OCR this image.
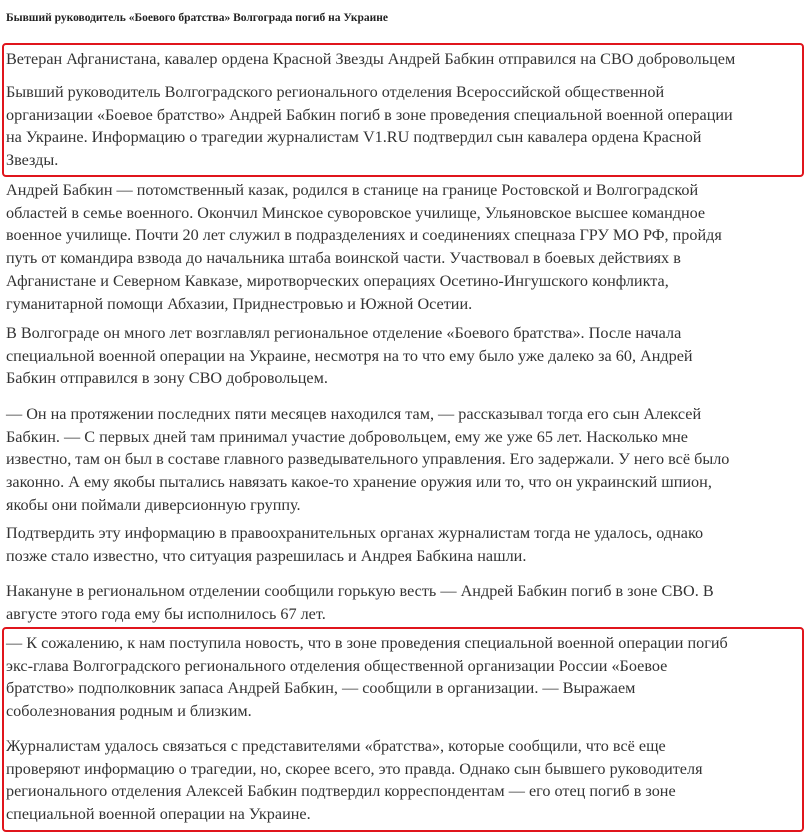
Бывший руководитель «Боевого братства» Волгограда погиб на Украине

Ветеран Афганистана, кавалер ордена Красной Звезды Андрей Бабкин отправился на СВО добровольцем

Бывший руководитель Волгоградского регионального отделения Всероссийской общественной
организации «Боевое братство» Андрей Бабкин погиб в зоне проведения специальной военной операции
на Украине. Информацию о трагедии журналистам V1.RU подтвердил сын кавалера ордена Красной
Звезды.

Андрей Бабкин — потомственный казак, родился в станице на границе Ростовской и Волгоградской
областей в семье военного. Окончил Минское суворовское училище, Ульяновское высшее командное
военное училище. Почти 20 лет служил в подразделениях и соединениях спецназа ГРУ МО РФ, пройдя
путь от командира взвода до начальника штаба воинской части. Участвовал в боевых действиях в
Афганистане и Северном Кавказе, миротворческих операциях Осетино-Ингушского конфликта,
гуманитарной помощи Абхазии, Приднестровью и Южной Осетии.

В Волгограде он много лет возглавлял региональное отделение «Боевого братства». После начала
специальной военной операции на Украине, несмотря на то что ему было уже далеко за 60, Андрей
Бабкин отправился в зону СВО добровольцем.

— Он на протяжении последних пяти месяцев находился там, — рассказывал тогда его сын Алексей
Бабкин. — С первых дней там принимал участие добровольцем, ему же уже 65 лет. Насколько мне
известно, там он был в составе главного разведывательного управления. Его задержали. У него всё было
законно. А ему якобы пытались навязать какое-то хранение оружия или то, что он украинский шпион,
якобы они поймали диверсионную группу.

Подтвердить эту информацию в правоохранительных органах журналистам тогда не удалось, однако
позже стало известно, что ситуация разрешилась и Андрея Бабкина нашли.

Накануне в региональном отделении сообщили горькую весть — Андрей Бабкин погиб в зоне СВО. В
августе этого года ему бы исполнилось 67 лет.

— К сожалению, к нам поступила новость, что в зоне проведения специальной военной операции погиб
экс-глава Волгоградского регионального отделения общественной организации России «Боевое
братство» подполковник запаса Андрей Бабкин, — сообщили в организации. — Выражаем
соболезнования родным и близким.

Журналистам удалось связаться с представителями «братства», которые сообщили, что всё еще
проверяют информацию о трагедии, но, скорее всего, это правда. Однако сын бывшего руководителя
регионального отделения Алексей Бабкин подтвердил корреспондентам — его отец погиб в зоне
специальной военной операции на Украине.
